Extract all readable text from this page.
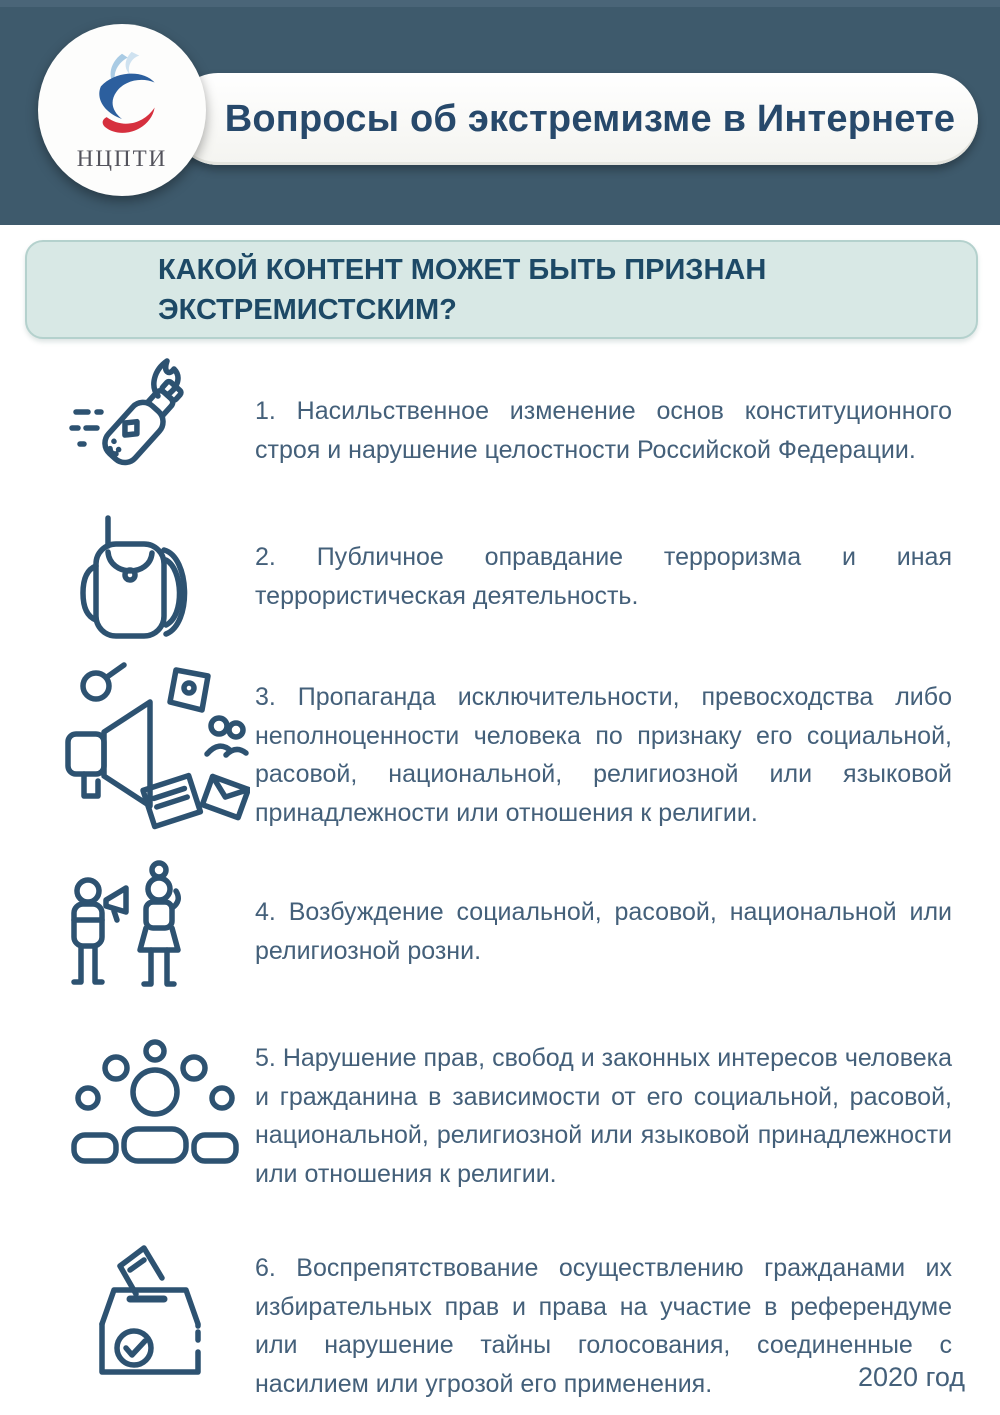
Вопросы об экстремизме в Интернете
НЦПТИ
КАКОЙ КОНТЕНТ МОЖЕТ БЫТЬ ПРИЗНАН ЭКСТРЕМИСТСКИМ?

1. Насильственное изменение основ конституционного строя и нарушение целостности Российской Федерации.

2. Публичное оправдание терроризма и иная террористическая деятельность.

3. Пропаганда исключительности, превосходства либо неполноценности человека по признаку его социальной, расовой, национальной, религиозной или языковой принадлежности или отношения к религии.

4. Возбуждение социальной, расовой, национальной или религиозной розни.

5. Нарушение прав, свобод и законных интересов человека и гражданина в зависимости от его социальной, расовой, национальной, религиозной или языковой принадлежности или отношения к религии.

6. Воспрепятствование осуществлению гражданами их избирательных прав и права на участие в референдуме или нарушение тайны голосования, соединенные с насилием или угрозой его применения.	2020 год
